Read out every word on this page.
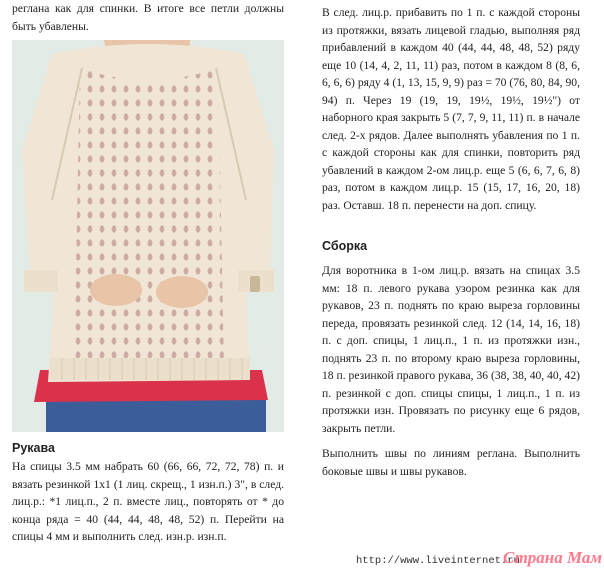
реглана как для спинки. В итоге все петли должны быть убавлены.

Рукава

На спицы 3.5 мм набрать 60 (66, 66, 72, 72, 78) п. и вязать резинкой 1х1 (1 лиц. скрещ., 1 изн.п.) 3", в след. лиц.р.: *1 лиц.п., 2 п. вместе лиц., повторять от * до конца ряда = 40 (44, 44, 48, 48, 52) п. Перейти на спицы 4 мм и выполнить след. изн.р. изн.п.

В след. лиц.р. прибавить по 1 п. с каждой стороны из протяжки, вязать лицевой гладью, выполняя ряд прибавлений в каждом 40 (44, 44, 48, 48, 52) ряду еще 10 (14, 4, 2, 11, 11) раз, потом в каждом 8 (8, 6, 6, 6, 6) ряду 4 (1, 13, 15, 9, 9) раз = 70 (76, 80, 84, 90, 94) п. Через 19 (19, 19, 19½, 19½, 19½") от наборного края закрыть 5 (7, 7, 9, 11, 11) п. в начале след. 2-х рядов. Далее выполнять убавления по 1 п. с каждой стороны как для спинки, повторить ряд убавлений в каждом 2-ом лиц.р. еще 5 (6, 6, 7, 6, 8) раз, потом в каждом лиц.р. 15 (15, 17, 16, 20, 18) раз. Оставш. 18 п. перенести на доп. спицу.

Сборка

Для воротника в 1-ом лиц.р. вязать на спицах 3.5 мм: 18 п. левого рукава узором резинка как для рукавов, 23 п. поднять по краю выреза горловины переда, провязать резинкой след. 12 (14, 14, 16, 18) п. с доп. спицы, 1 лиц.п., 1 п. из протяжки изн., поднять 23 п. по второму краю выреза горловины, 18 п. резинкой правого рукава, 36 (38, 38, 40, 40, 42) п. резинкой с доп. спицы спицы, 1 лиц.п., 1 п. из протяжки изн. Провязать по рисунку еще 6 рядов, закрыть петли.

Выполнить швы по линиям реглана. Выполнить боковые швы и швы рукавов.

http://www.liveinternet.ru
Страна Мам
